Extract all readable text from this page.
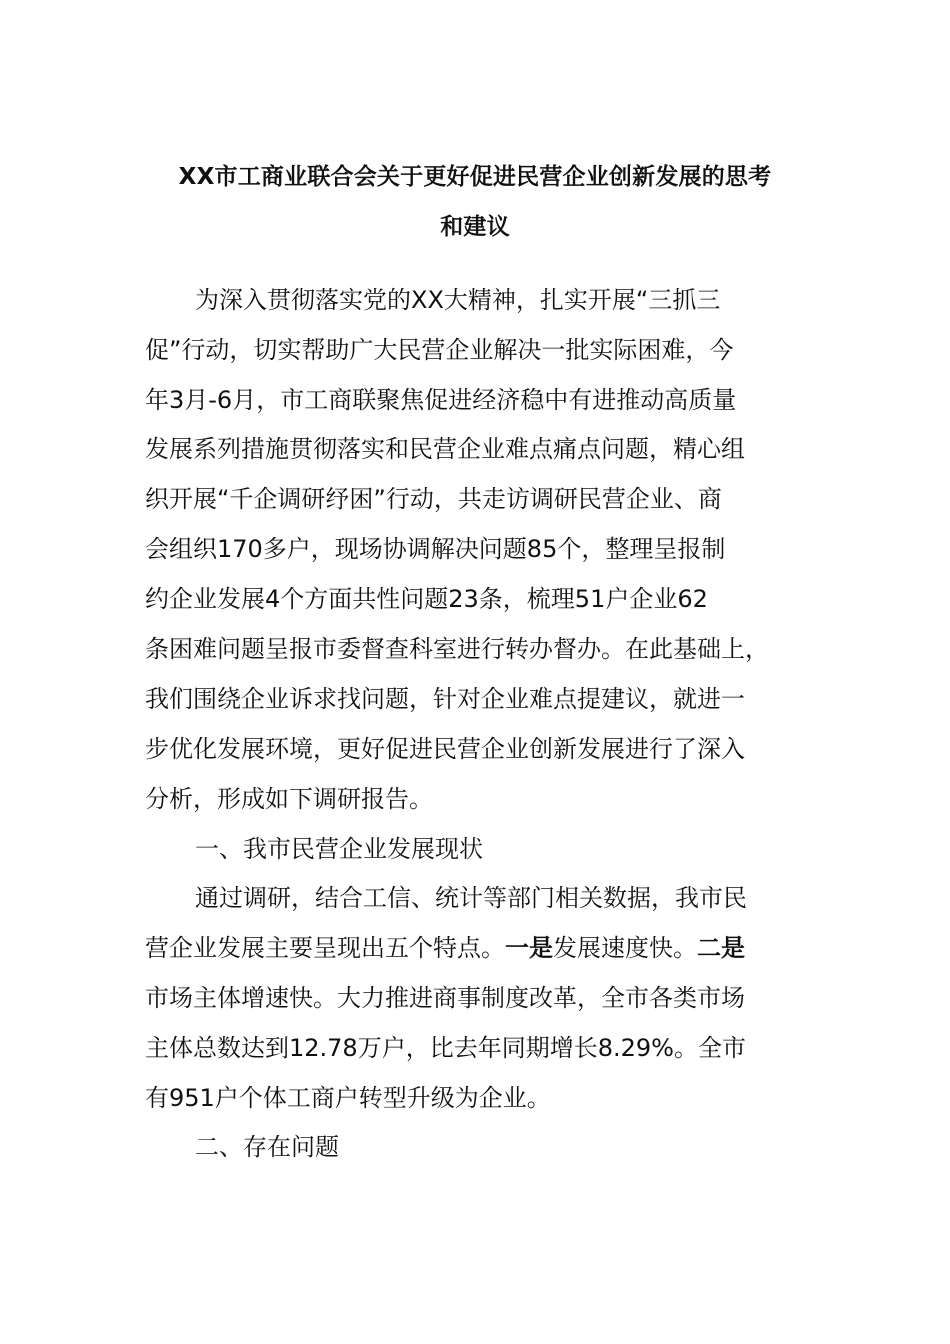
XX市工商业联合会关于更好促进民营企业创新发展的思考
和建议
为深入贯彻落实党的XX大精神，扎实开展“三抓三
促”行动，切实帮助广大民营企业解决一批实际困难，今
年3月-6月，市工商联聚焦促进经济稳中有进推动高质量
发展系列措施贯彻落实和民营企业难点痛点问题，精心组
织开展“千企调研纾困”行动，共走访调研民营企业、商
会组织170多户，现场协调解决问题85个，整理呈报制
约企业发展4个方面共性问题23条，梳理51户企业62
条困难问题呈报市委督查科室进行转办督办。在此基础上，
我们围绕企业诉求找问题，针对企业难点提建议，就进一
步优化发展环境，更好促进民营企业创新发展进行了深入
分析，形成如下调研报告。
一、我市民营企业发展现状
通过调研，结合工信、统计等部门相关数据，我市民
营企业发展主要呈现出五个特点。一是发展速度快。二是
市场主体增速快。大力推进商事制度改革，全市各类市场
主体总数达到12.78万户，比去年同期增长8.29%。全市
有951户个体工商户转型升级为企业。
二、存在问题
